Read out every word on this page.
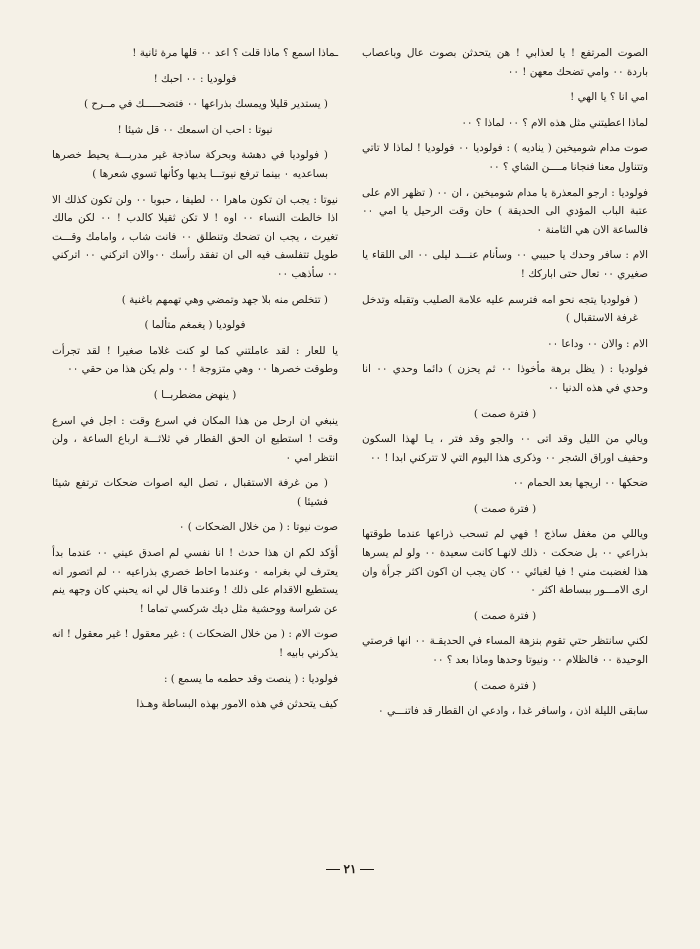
ـماذا اسمع ؟ ماذا قلت ؟ اعد ٠٠ قلها مرة ثانية !

فولوديا : ٠٠ احبك !

( يستدير قليلا ويمسك بذراعها ٠٠ فتضحـــــك في مــرح )

نيوتا : احب ان اسمعك ٠٠ قل شيئا !

( فولوديا في دهشة وبحركة ساذجة غير مدربـــة يحيط خصرها بساعديه ٠ بينما ترفع نيوتـــا يديها وكأنها تسوي شعرها )

نيوتا : يجب ان تكون ماهرا ٠٠ لطيفا ، حبوبا ٠٠ ولن تكون كذلك الا اذا خالطت النساء ٠٠ اوه ! لا تكن ثقيلا كالدب ! ٠٠ لكن مالك تغيرت ، يجب ان تضحك وتنطلق ٠٠ فانت شاب ، وامامك وقـــت طويل تتفلسف فيه الى ان تفقد رأسك ٠٠والان اتركني ٠٠ اتركني ٠٠ سأذهب ٠٠

( تتخلص منه بلا جهد وتمضي وهي تهمهم باغنية )

فولوديا ( يغمغم متألما )

يا للعار : لقد عاملتني كما لو كنت غلاما صغيرا ! لقد تجرأت وطوقت خصرها ٠٠ وهي متزوجة ! ٠٠ ولم يكن هذا من حقي ٠٠

( ينهض مضطربــا )

ينبغي ان ارحل من هذا المكان في اسرع وقت : اجل في اسرع وقت ! استطيع ان الحق القطار في ثلاثـــة ارباع الساعة ، ولن انتظر امي ٠

( من غرفة الاستقبال ، تصل اليه اصوات ضحكات ترتفع شيئا فشيئا )

صوت نيوتا : ( من خلال الضحكات ) ٠

أؤكد لكم ان هذا حدث ! انا نفسي لم اصدق عيني ٠٠ عندما بدأ يعترف لي بغرامه ٠ وعندما احاط خصري بذراعيه ٠٠ لم اتصور انه يستطيع الاقدام على ذلك ! وعندما قال لي انه يحبني كان وجهه ينم عن شراسة ووحشية مثل ديك شركسي تماما !

صوت الام : ( من خلال الضحكات ) : غير معقول ! غير معقول ! انه يذكرني بابيه !

فولوديا : ( ينصت وقد حطمه ما يسمع ) :

كيف يتحدثن في هذه الامور بهذه البساطة وهـذا

الصوت المرتفع ! يا لعذابي ! هن يتحدثن بصوت عال وباعصاب باردة ٠٠ وامي تضحك معهن ! ٠٠

امي انا ؟ يا الهي !

لماذا اعطيتني مثل هذه الام ؟ ٠٠ لماذا ؟ ٠٠

صوت مدام شوميخين ( يناديه ) : فولوديا ٠٠ فولوديا ! لماذا لا تاتي وتتناول معنا فنجانا مــــن الشاي ؟ ٠٠

فولوديا : ارجو المعذرة يا مدام شوميخين ، ان ٠٠ ( تظهر الام على عتبة الباب المؤدي الى الحديقة ) حان وقت الرحيل يا امي ٠٠ فالساعة الان هي الثامنة ٠

الام : سافر وحدك يا حبيبي ٠٠ وسأنام عنـــد ليلى ٠٠ الى اللقاء يا صغيري ٠٠ تعال حتى اباركك !

( فولوديا يتجه نحو امه فترسم عليه علامة الصليب وتقبله وتدخل غرفة الاستقبال )

الام : والان ٠٠ وداعا ٠٠

فولوديا : ( يظل برهة مأخوذا ٠٠ ثم يحزن ) دائما وحدي ٠٠ انا وحدي في هذه الدنيا ٠٠

( فترة صمت )

ويالي من الليل وقد اتى ٠٠ والجو وقد فتر ، يـا لهذا السكون وحفيف اوراق الشجر ٠٠ وذكرى هذا اليوم التي لا تتركني ابدا ! ٠٠

ضحكها ٠٠ اريجها بعد الحمام ٠٠

( فترة صمت )

وياللي من مغفل ساذج ! فهي لم تسحب ذراعها عندما طوقتها بذراعي ٠٠ بل ضحكت ٠ ذلك لانهـا كانت سعيدة ٠٠ ولو لم يسرها هذا لغضبت مني ! فيا لغبائي ٠٠ كان يجب ان اكون اكثر جرأة وان ارى الامـــور ببساطة اكثر ٠

( فترة صمت )

لكني سانتظر حتي تقوم بنزهة المساء في الحديقـة ٠٠ انها فرصتي الوحيدة ٠٠ فالظلام ٠٠ ونيوتا وحدها وماذا بعد ؟ ٠٠

( فترة صمت )

سابقى الليلة اذن ، واسافر غدا ، وادعي ان القطار قد فاتنـــي ٠

٢١
